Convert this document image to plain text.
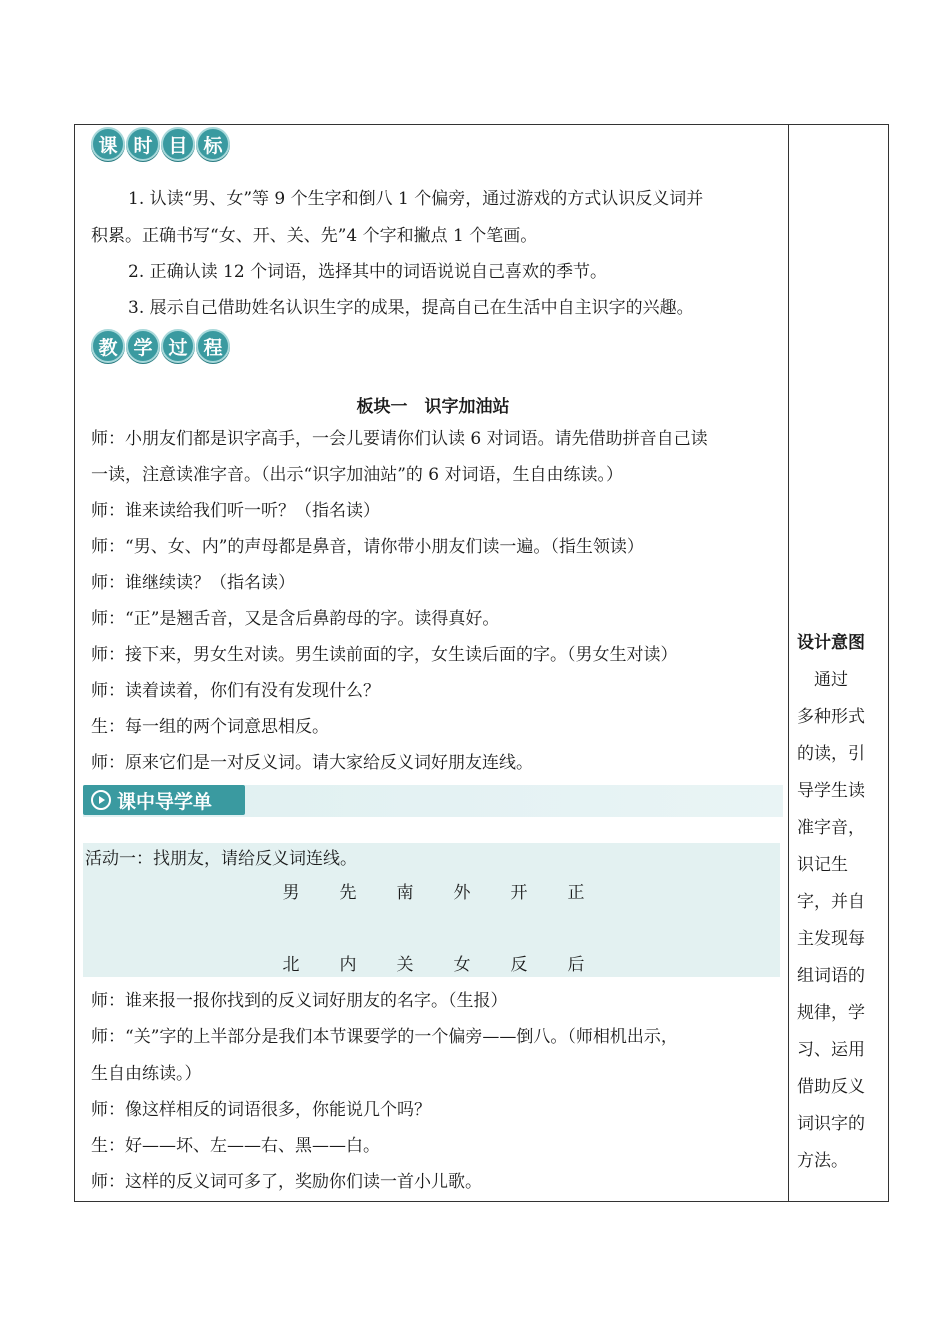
课 时 目 标
1. 认读“男、女”等 9 个生字和倒八 1 个偏旁，通过游戏的方式认识反义词并
积累。正确书写“女、开、关、先”4 个字和撇点 1 个笔画。
2. 正确认读 12 个词语，选择其中的词语说说自己喜欢的季节。
3. 展示自己借助姓名认识生字的成果，提高自己在生活中自主识字的兴趣。
教 学 过 程
板块一　识字加油站
师：小朋友们都是识字高手，一会儿要请你们认读 6 对词语。请先借助拼音自己读
一读，注意读准字音。（出示“识字加油站”的 6 对词语，生自由练读。）
师：谁来读给我们听一听？（指名读）
师：“男、女、内”的声母都是鼻音，请你带小朋友们读一遍。（指生领读）
师：谁继续读？（指名读）
师：“正”是翘舌音，又是含后鼻韵母的字。读得真好。
师：接下来，男女生对读。男生读前面的字，女生读后面的字。（男女生对读）
师：读着读着，你们有没有发现什么？
生：每一组的两个词意思相反。
师：原来它们是一对反义词。请大家给反义词好朋友连线。
课中导学单
活动一：找朋友，请给反义词连线。
男	先	南	外	开	正
北	内	关	女	反	后
师：谁来报一报你找到的反义词好朋友的名字。（生报）
师：“关”字的上半部分是我们本节课要学的一个偏旁——倒八。（师相机出示，
生自由练读。）
师：像这样相反的词语很多，你能说几个吗？
生：好——坏、左——右、黑——白。
师：这样的反义词可多了，奖励你们读一首小儿歌。
设计意图
　通过
多种形式
的读，引
导学生读
准字音，
识记生
字，并自
主发现每
组词语的
规律，学
习、运用
借助反义
词识字的
方法。
